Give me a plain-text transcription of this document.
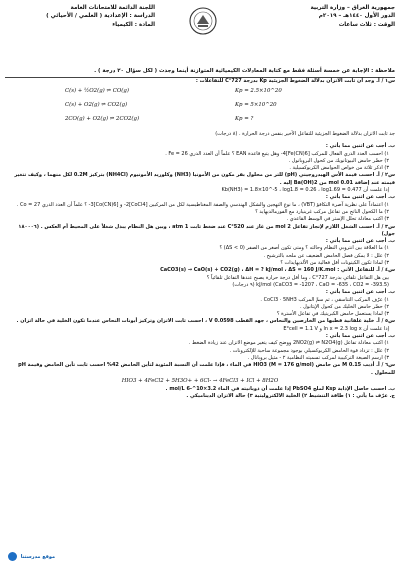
جمهورية العراق – وزارة التربية
الدور الأول ١٤٤٠هـ – ٢٠١٩م
الوقت : ثلاث ساعات
اللجنة الدائمة للامتحانات العامة
الدراسة : الإعدادية ( العلمي / الأحيائي )
المادة : الكيمياء
ملاحظة : الإجابة عن خمسة أسئلة فقط مع كتابة المعادلات الكيميائية المتوازنة أينما وجدت ( لكل سؤال ٢٠ درجة ) .
س١ / أ. وجد أن ثابت الاتزان بدلالة الضغوط الجزيئية Kp بدرجة 727°C للتفاعلات :
C(s) + ½O2(g) ⇌ CO(g)	Kp = 2.5×10^20
C(s) + O2(g) ⇌ CO2(g)	Kp = 5×10^20
2CO(g) + O2(g) ⇌ 2CO2(g)	Kp = ?
جد ثابت الاتزان بدلالة الضغوط الجزيئية للتفاعل الأخير بنفس درجة الحرارة . (٨ درجات)
ب. أجب عن اثنين مما يأتي :
١) احسب العدد الذري الفعال للمركب [Fe(CN)6]4- وهل يتبع قاعدة EAN ؟ علماً أن العدد الذري Fe = 26 .
٢) حضّر حامض البيوتانويك من كحول البروبانول .
٣) اذكر ثلاثة من خواص الحوامض الكربوكسيلية .
س٢ / أ. احسب قيمة الأس الهيدروجيني (pH) للتر من محلول بفر مكون من الأمونيا (NH3) وكلوريد الأمونيوم (NH4Cl) بتركيز 0.2M لكل منهما ، وكيف تتغير قيمته عند إضافة 0.01 mol من Ba(OH)2 إليه .
إذا علمت أن Kb(NH3) = 1.8×10^-5 ، log1.8 = 0.26 ، log1.69 = 0.477
ب. أجب عن اثنين مما يأتي :
١) اعتماداً على نظرية آصرة التكافؤ (VBT) ، ما نوع التهجين والشكل الهندسي والصفة المغناطيسية لكل من المركبين [CoCl4]2- و [Co(CN)6]3- ؟ علماً أن العدد الذري Co = 27 .
٢) ما الكحول الناتج من تفاعل مركب غرينيارد مع الفورمالديهايد ؟
٣) اكتب معادلة تحلل الإستر في الوسط القاعدي .
س٣ / أ. احسب الشغل اللازم لإنجاز تفاعل 2 mol من غاز عند 520°C عند ضغط ثابت 1 atm ، وبين هل النظام يبذل شغلاً على المحيط أم العكس . (١٨٠٠٠٦ جول)
ب. أجب عن اثنين مما يأتي :
١) ما العلاقة بين انتروبي النظام وحالته ؟ ومتى تكون أصغر من الصفر (ΔS < 0) ؟
٢) علل : لا يمكن فصل الحامض الضعيف عن ملحه بالترشيح .
٣) لماذا تكون الكيتونات أقل فعالية من الألديهايدات ؟
س٤ / أ. للتفاعل الآتي : CaCO3(s) → CaO(s) + CO2(g) ، ΔH = ? kJ/mol ، ΔS = 160 J/K.mol
بين هل التفاعل تلقائي بدرجة 727°C ، وما أقل درجة حرارة يصبح عندها التفاعل تلقائياً ؟
(CaCO3 = -1207 ، CaO = -635 ، CO2 = -393.5) kJ/mol (٩ درجات)
ب. أجب عن اثنين مما يأتي :
١) عرّف المركب التناسقي ، ثم سمِّ المركب CoCl3 · 5NH3 .
٢) حضّر حامض الخليك من كحول الإيثانول .
٣) لماذا يستعمل حامض الكبريتيك في تفاعل الأسترة ؟
س٥ / أ. خلية غلفانية قطبها من الخارصين والنحاس ، جهد القطب 0.0598 V ، احسب ثابت الاتزان وتركيز أيونات النحاس عندما تكون الخلية في حالة اتزان .
إذا علمت أن ln x = 2.3 log x و E°cell = 1.1 V
ب. أجب عن اثنين مما يأتي :
١) اكتب معادلة تفاعل 2NO2(g) ⇌ N2O4(g) ووضح كيف يتغير موضع الاتزان عند زيادة الضغط .
٢) علل : تزداد قوة الحامض الكربوكسيلي بوجود مجموعة ساحبة للإلكترونات .
٣) ارسم الصيغة التركيبية لمركب تسميته النظامية ٢ - مثيل بروبانال .
س٦ / أ. أذيب 0.15 M من حامض HIO3 (M = 176 g/mol) في الماء ، فإذا علمت أن النسبة المئوية لتأين الحامض 42% احسب ثابت تأين الحامض وقيمة pH للمحلول .
HIO3 + 4FeCl2 + 5H3O+ + 6Cl- → 4FeCl3 + ICl + 8H2O
ب. احسب حاصل الإذابة Ksp لملح PbSO4 إذا علمت أن ذوبانيته في الماء 3.2×10^-6 mol/L .
ج. عرّف ما يأتي : ١) طاقة التنشيط ٢) الخلية الالكتروليتية ٣) حالة الاتزان الديناميكي .
موقع مدرستنا
